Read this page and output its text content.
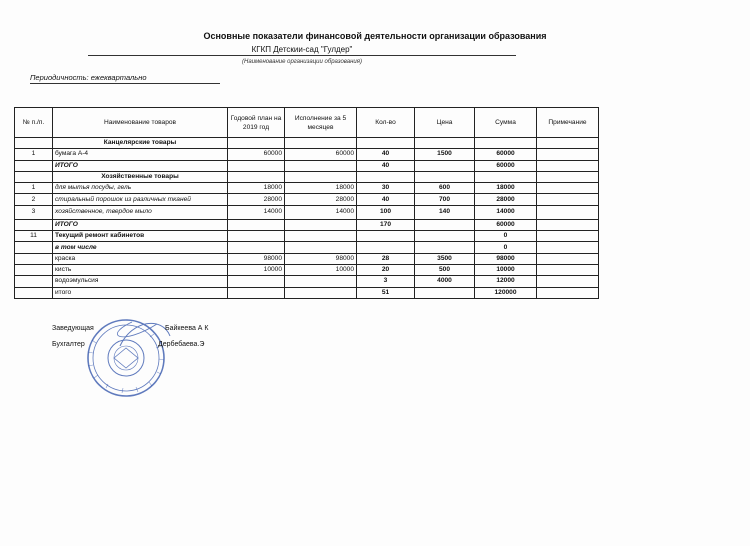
Основные показатели финансовой деятельности организации образования
КГКП Детскии-сад "Гулдер"
(Наименование организации образования)
Периодичность: ежеквартально
№ п./п.	Наименование товаров	Годовой план на 2019 год	Исполнение за 5 месяцев	Кол-во	Цена	Сумма	Примечание
	Канцелярские товары						
1	бумага А-4	60000	60000	40	1500	60000	
	ИТОГО			40		60000	
	Хозяйственные товары						
1	для мытья посуды, гель	18000	18000	30	600	18000	
2	стиральный порошок из различных тканей	28000	28000	40	700	28000	
3	хозяйственное, твердое мыло	14000	14000	100	140	14000	
	ИТОГО			170		60000	
11	Текущий ремонт кабинетов					0	
	в том числе					0	
	краска	98000	98000	28	3500	98000	
	кисть	10000	10000	20	500	10000	
	водоэмульсия			3	4000	12000	
	итого			51		120000	
Заведующая	Байкеева А К
Бухгалтер	Дербебаева.Э
